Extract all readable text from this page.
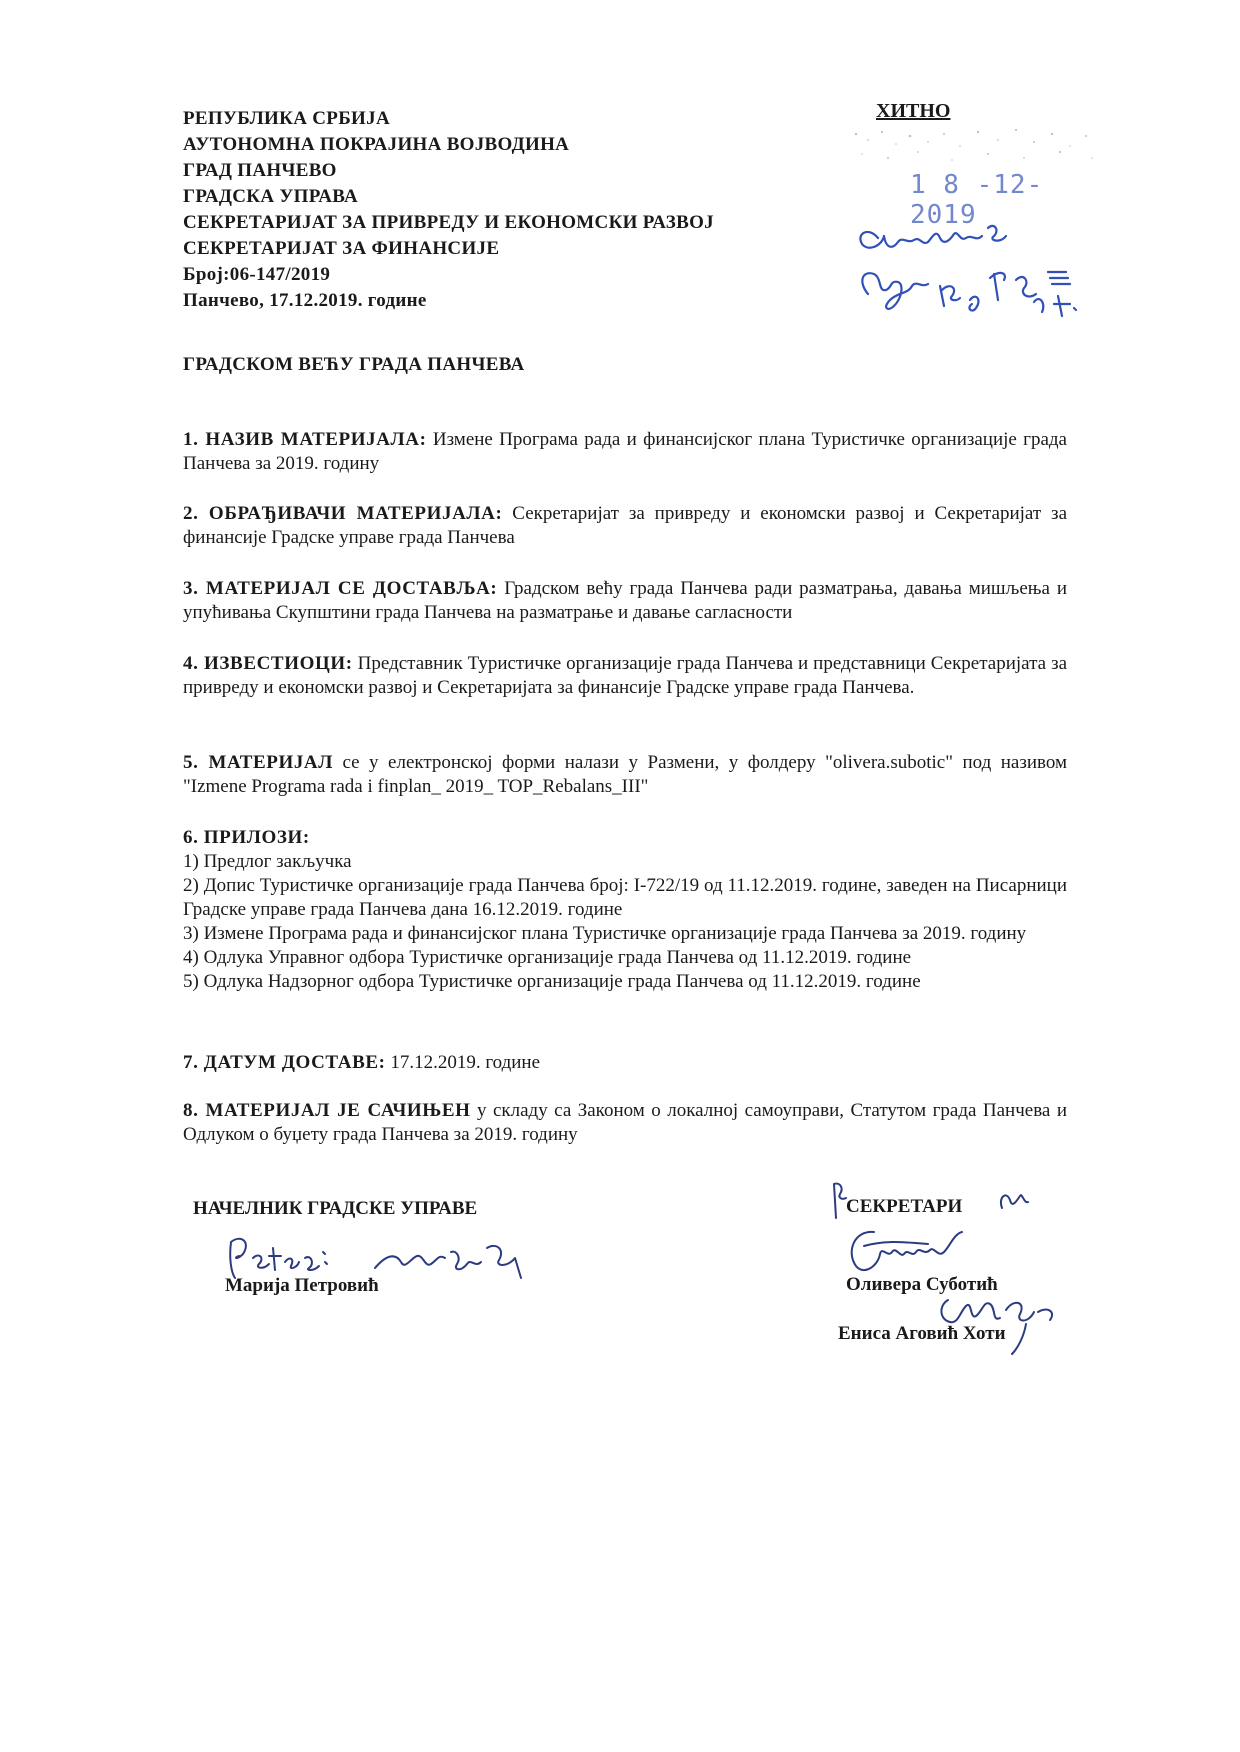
РЕПУБЛИКА СРБИЈА
АУТОНОМНА ПОКРАЈИНА ВОЈВОДИНА
ГРАД ПАНЧЕВО
ГРАДСКА УПРАВА
СЕКРЕТАРИЈАТ ЗА ПРИВРЕДУ И ЕКОНОМСКИ РАЗВОЈ
СЕКРЕТАРИЈАТ ЗА ФИНАНСИЈЕ
Број:06-147/2019
Панчево, 17.12.2019. године
ХИТНО
1 8 -12- 2019
ГРАДСКОМ ВЕЋУ ГРАДА ПАНЧЕВА
1. НАЗИВ МАТЕРИЈАЛА: Измене Програма рада и финансијског плана Туристичке организације града Панчева за 2019. годину
2. ОБРАЂИВАЧИ МАТЕРИЈАЛА: Секретаријат за привреду и економски развој и Секретаријат за финансије Градске управе града Панчева
3. МАТЕРИЈАЛ СЕ ДОСТАВЉА: Градском већу града Панчева ради разматрања, давања мишљења и упућивања Скупштини града Панчева на разматрање и давање сагласности
4. ИЗВЕСТИОЦИ: Представник Туристичке организације града Панчева и представници Секретаријата за привреду и економски развој и Секретаријата за финансије Градске управе града Панчева.
5. МАТЕРИЈАЛ се у електронској форми налази у Размени, у фолдеру "olivera.subotic" под називом "Izmene Programa rada i finplan_ 2019_ TOP_Rebalans_III"
6. ПРИЛОЗИ:
1) Предлог закључка
2) Допис Туристичке организације града Панчева број: I-722/19 од 11.12.2019. године, заведен на Писарници Градске управе града Панчева дана 16.12.2019. године
3) Измене Програма рада и финансијског плана Туристичке организације града Панчева за 2019. годину
4) Одлука Управног одбора Туристичке организације града Панчева од 11.12.2019. године
5) Одлука Надзорног одбора Туристичке организације града Панчева од 11.12.2019. године
7. ДАТУМ ДОСТАВЕ: 17.12.2019. године
8. МАТЕРИЈАЛ ЈЕ САЧИЊЕН у складу са Законом о локалној самоуправи, Статутом града Панчева и Одлуком о буџету града Панчева за 2019. годину
НАЧЕЛНИК ГРАДСКЕ УПРАВЕ
Марија Петровић
СЕКРЕТАРИ
Оливера Суботић
Ениса Аговић Хоти
